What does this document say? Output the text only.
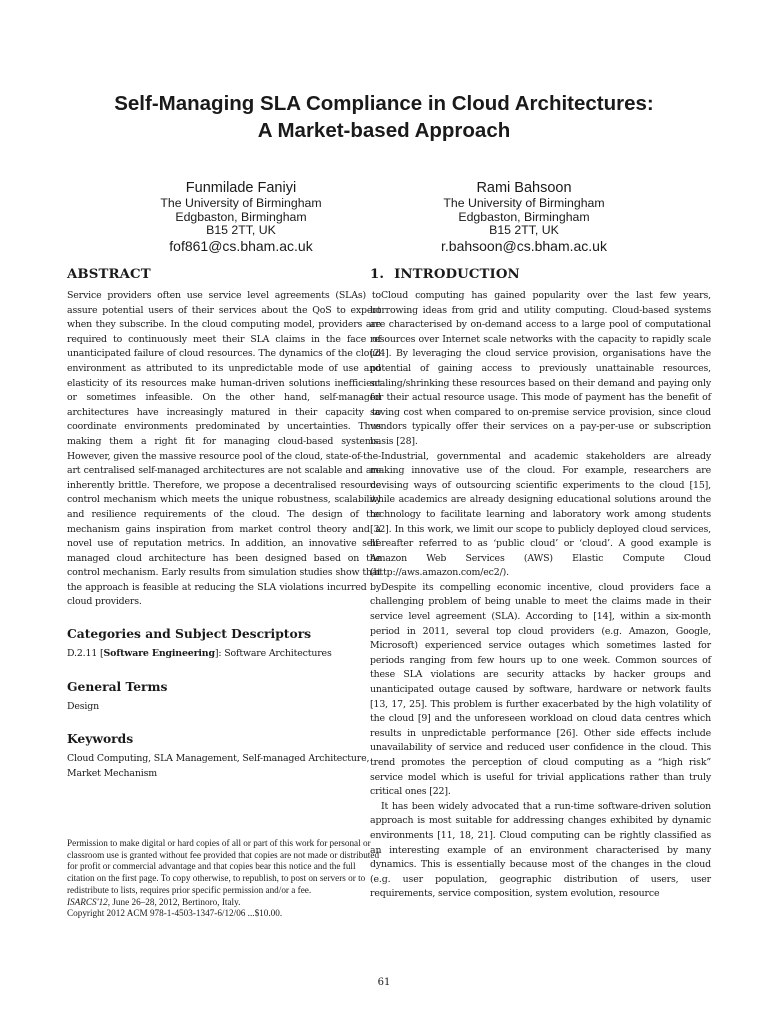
Self-Managing SLA Compliance in Cloud Architectures:
A Market-based Approach
Funmilade Faniyi
The University of Birmingham
Edgbaston, Birmingham
B15 2TT, UK
fof861@cs.bham.ac.uk
Rami Bahsoon
The University of Birmingham
Edgbaston, Birmingham
B15 2TT, UK
r.bahsoon@cs.bham.ac.uk
ABSTRACT

Service providers often use service level agreements (SLAs) to assure potential users of their services about the QoS to expect when they subscribe. In the cloud computing model, providers are required to continuously meet their SLA claims in the face of unanticipated failure of cloud resources. The dynamics of the cloud environment as attributed to its unpredictable mode of use and elasticity of its resources make human-driven solutions inefficient or sometimes infeasible. On the other hand, self-managed architectures have increasingly matured in their capacity to coordinate environments predominated by uncertainties. Thus making them a right fit for managing cloud-based systems. However, given the massive resource pool of the cloud, state-of-the-art centralised self-managed architectures are not scalable and are inherently brittle. Therefore, we propose a decentralised resource control mechanism which meets the unique robustness, scalability and resilience requirements of the cloud. The design of the mechanism gains inspiration from market control theory and a novel use of reputation metrics. In addition, an innovative self-managed cloud architecture has been designed based on the control mechanism. Early results from simulation studies show that the approach is feasible at reducing the SLA violations incurred by cloud providers.

Categories and Subject Descriptors

D.2.11 [Software Engineering]: Software Architectures

General Terms

Design

Keywords

Cloud Computing, SLA Management, Self-managed Architecture, Market Mechanism

Permission to make digital or hard copies of all or part of this work for personal or classroom use is granted without fee provided that copies are not made or distributed for profit or commercial advantage and that copies bear this notice and the full citation on the first page. To copy otherwise, to republish, to post on servers or to redistribute to lists, requires prior specific permission and/or a fee.
ISARCS'12, June 26–28, 2012, Bertinoro, Italy.
Copyright 2012 ACM 978-1-4503-1347-6/12/06 ...$10.00.
1. INTRODUCTION

Cloud computing has gained popularity over the last few years, borrowing ideas from grid and utility computing. Cloud-based systems are characterised by on-demand access to a large pool of computational resources over Internet scale networks with the capacity to rapidly scale [24]. By leveraging the cloud service provision, organisations have the potential of gaining access to previously unattainable resources, scaling/shrinking these resources based on their demand and paying only for their actual resource usage. This mode of payment has the benefit of saving cost when compared to on-premise service provision, since cloud vendors typically offer their services on a pay-per-use or subscription basis [28].

Industrial, governmental and academic stakeholders are already making innovative use of the cloud. For example, researchers are devising ways of outsourcing scientific experiments to the cloud [15], while academics are already designing educational solutions around the technology to facilitate learning and laboratory work among students [32]. In this work, we limit our scope to publicly deployed cloud services, hereafter referred to as ‘public cloud’ or ‘cloud’. A good example is Amazon Web Services (AWS) Elastic Compute Cloud (http://aws.amazon.com/ec2/).

Despite its compelling economic incentive, cloud providers face a challenging problem of being unable to meet the claims made in their service level agreement (SLA). According to [14], within a six-month period in 2011, several top cloud providers (e.g. Amazon, Google, Microsoft) experienced service outages which sometimes lasted for periods ranging from few hours up to one week. Common sources of these SLA violations are security attacks by hacker groups and unanticipated outage caused by software, hardware or network faults [13, 17, 25]. This problem is further exacerbated by the high volatility of the cloud [9] and the unforeseen workload on cloud data centres which results in unpredictable performance [26]. Other side effects include unavailability of service and reduced user confidence in the cloud. This trend promotes the perception of cloud computing as a “high risk” service model which is useful for trivial applications rather than truly critical ones [22].

It has been widely advocated that a run-time software-driven solution approach is most suitable for addressing changes exhibited by dynamic environments [11, 18, 21]. Cloud computing can be rightly classified as an interesting example of an environment characterised by many dynamics. This is essentially because most of the changes in the cloud (e.g. user population, geographic distribution of users, user requirements, service composition, system evolution, resource

61
